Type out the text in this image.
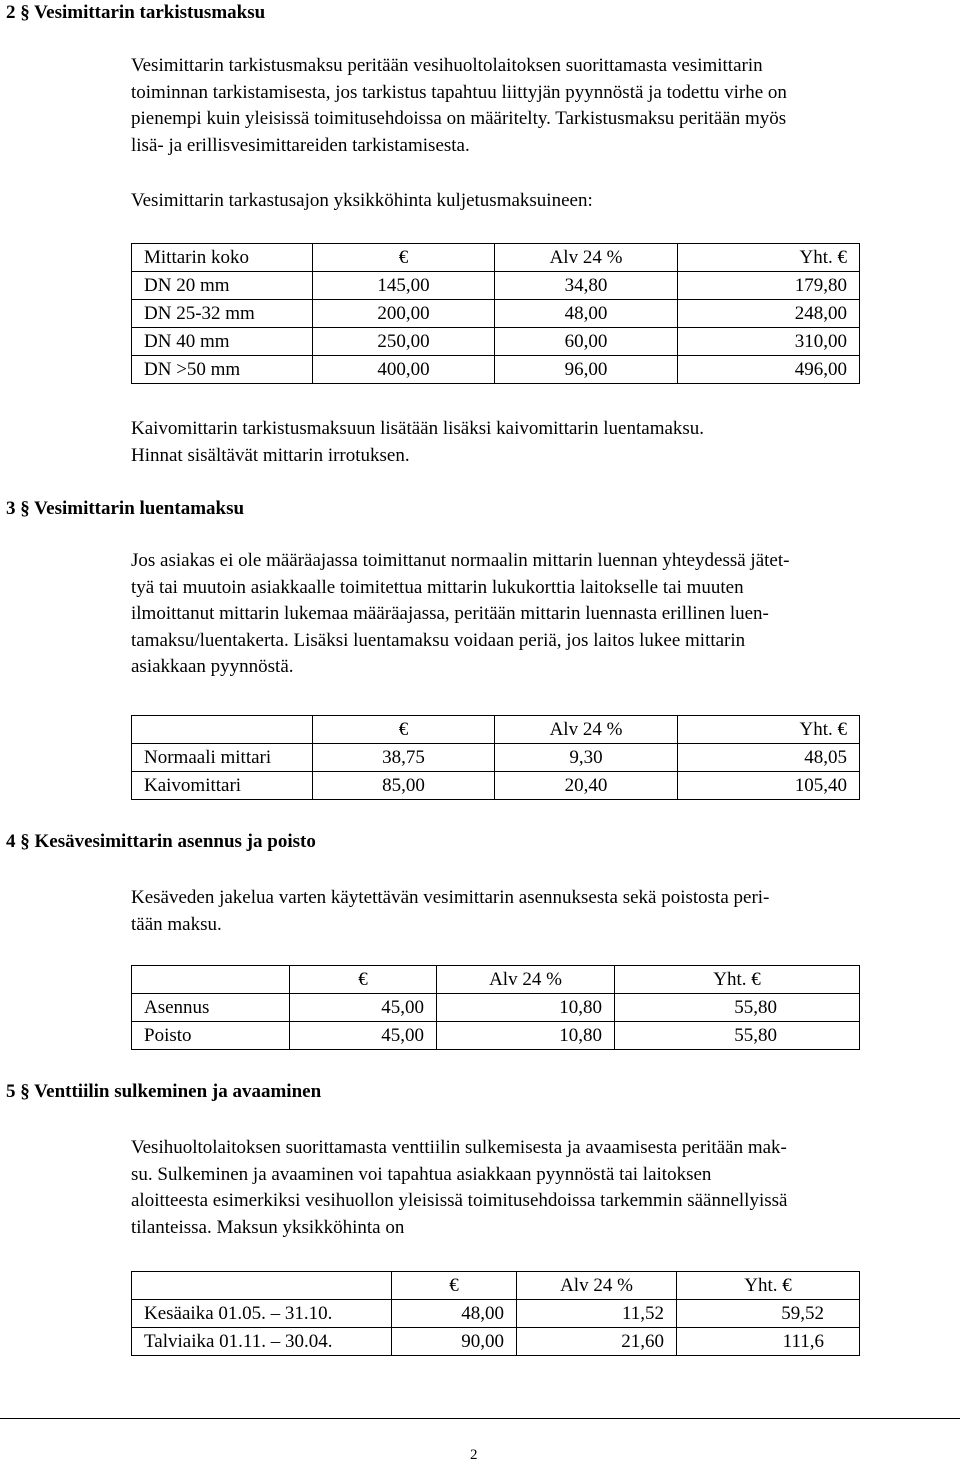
2 § Vesimittarin tarkistusmaksu
Vesimittarin tarkistusmaksu peritään vesihuoltolaitoksen suorittamasta vesimittarin
toiminnan tarkistamisesta, jos tarkistus tapahtuu liittyjän pyynnöstä ja todettu virhe on
pienempi kuin yleisissä toimitusehdoissa on määritelty. Tarkistusmaksu peritään myös
lisä- ja erillisvesimittareiden tarkistamisesta.
Vesimittarin tarkastusajon yksikköhinta kuljetusmaksuineen:
Mittarin koko	€	Alv 24 %	Yht. €
DN 20 mm	145,00	34,80	179,80
DN 25-32 mm	200,00	48,00	248,00
DN 40 mm	250,00	60,00	310,00
DN >50 mm	400,00	96,00	496,00
Kaivomittarin tarkistusmaksuun lisätään lisäksi kaivomittarin luentamaksu.
Hinnat sisältävät mittarin irrotuksen.
3 § Vesimittarin luentamaksu
Jos asiakas ei ole määräajassa toimittanut normaalin mittarin luennan yhteydessä jätet-
tyä tai muutoin asiakkaalle toimitettua mittarin lukukorttia laitokselle tai muuten
ilmoittanut mittarin lukemaa määräajassa, peritään mittarin luennasta erillinen luen-
tamaksu/luentakerta. Lisäksi luentamaksu voidaan periä, jos laitos lukee mittarin
asiakkaan pyynnöstä.
	€	Alv 24 %	Yht. €
Normaali mittari	38,75	9,30	48,05
Kaivomittari	85,00	20,40	105,40
4 § Kesävesimittarin asennus ja poisto
Kesäveden jakelua varten käytettävän vesimittarin asennuksesta sekä poistosta peri-
tään maksu.
	€	Alv 24 %	Yht. €
Asennus	45,00	10,80	55,80
Poisto	45,00	10,80	55,80
5 § Venttiilin sulkeminen ja avaaminen
Vesihuoltolaitoksen suorittamasta venttiilin sulkemisesta ja avaamisesta peritään mak-
su. Sulkeminen ja avaaminen voi tapahtua asiakkaan pyynnöstä tai laitoksen
aloitteesta esimerkiksi vesihuollon yleisissä toimitusehdoissa tarkemmin säännellyissä
tilanteissa. Maksun yksikköhinta on
	€	Alv 24 %	Yht. €
Kesäaika 01.05. – 31.10.	48,00	11,52	59,52
Talviaika 01.11. – 30.04.	90,00	21,60	111,6
2
